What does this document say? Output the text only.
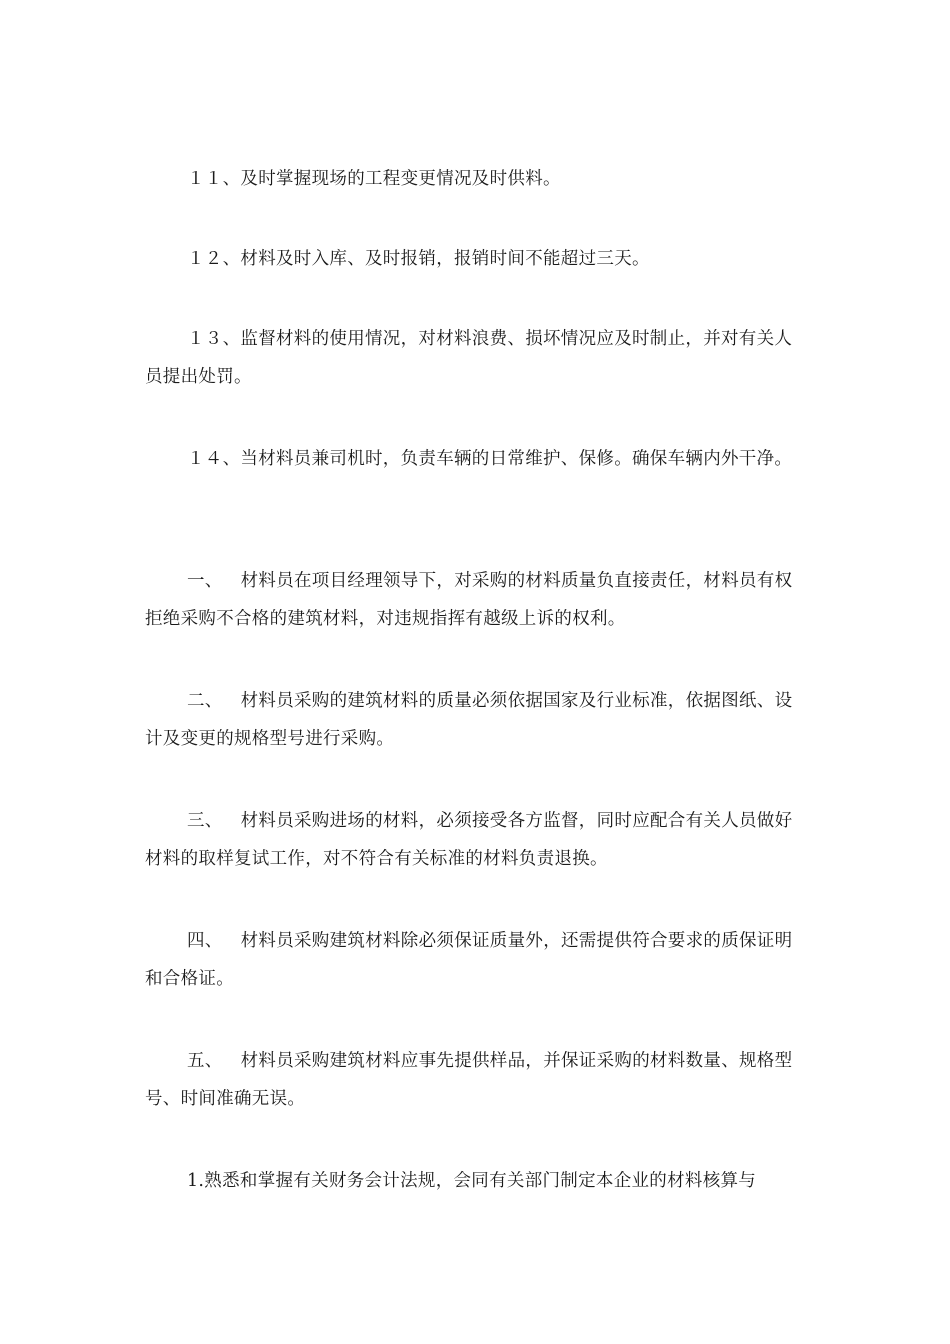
１１、及时掌握现场的工程变更情况及时供料。

１２、材料及时入库、及时报销，报销时间不能超过三天。

１３、监督材料的使用情况，对材料浪费、损坏情况应及时制止，并对有关人员提出处罚。

１４、当材料员兼司机时，负责车辆的日常维护、保修。确保车辆内外干净。

一、 材料员在项目经理领导下，对采购的材料质量负直接责任，材料员有权拒绝采购不合格的建筑材料，对违规指挥有越级上诉的权利。

二、 材料员采购的建筑材料的质量必须依据国家及行业标准，依据图纸、设计及变更的规格型号进行采购。

三、 材料员采购进场的材料，必须接受各方监督，同时应配合有关人员做好材料的取样复试工作，对不符合有关标准的材料负责退换。

四、 材料员采购建筑材料除必须保证质量外，还需提供符合要求的质保证明和合格证。

五、 材料员采购建筑材料应事先提供样品，并保证采购的材料数量、规格型号、时间准确无误。

1.熟悉和掌握有关财务会计法规，会同有关部门制定本企业的材料核算与
